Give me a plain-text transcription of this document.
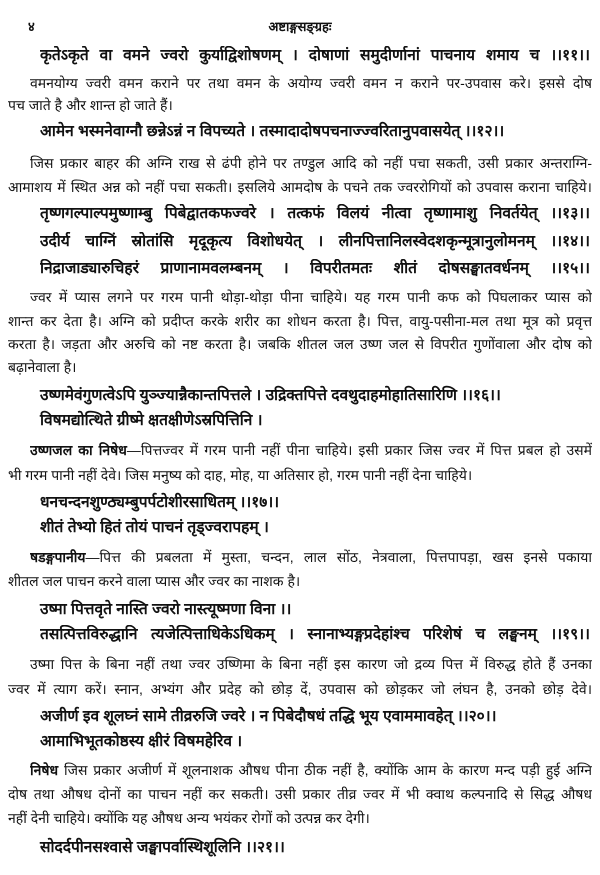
४	अष्टाङ्गसङ्ग्रहः
कृतेऽकृते वा वमने ज्वरो कुर्याद्विशोषणम् । दोषाणां समुदीर्णानां पाचनाय शमाय च ।।११।।
वमनयोग्य ज्वरी वमन कराने पर तथा वमन के अयोग्य ज्वरी वमन न कराने पर-उपवास करे। इससे दोष
पच जाते है और शान्त हो जाते हैं।
आमेन भस्मनेवाग्नौ छन्नेऽन्नं न विपच्यते । तस्मादादोषपचनाज्ज्वरितानुपवासयेत् ।।१२।।
जिस प्रकार बाहर की अग्नि राख से ढंपी होने पर तण्डुल आदि को नहीं पचा सकती, उसी प्रकार अन्तराग्नि-
आमाशय में स्थित अन्न को नहीं पचा सकती। इसलिये आमदोष के पचने तक ज्वररोगियों को उपवास कराना चाहिये।
तृष्णगल्पाल्पमुष्णाम्बु पिबेद्वातकफज्वरे । तत्कफं विलयं नीत्वा तृष्णामाशु निवर्तयेत् ।।१३।।
उदीर्य चाग्निं स्रोतांसि मृदूकृत्य विशोधयेत् । लीनपित्तानिलस्वेदशकृन्मूत्रानुलोमनम् ।।१४।।
निद्राजाड्यारुचिहरं प्राणानामवलम्बनम् । विपरीतमतः शीतं दोषसङ्घातवर्धनम् ।।१५।।
ज्वर में प्यास लगने पर गरम पानी थोड़ा-थोड़ा पीना चाहिये। यह गरम पानी कफ को पिघलाकर प्यास को
शान्त कर देता है। अग्नि को प्रदीप्त करके शरीर का शोधन करता है। पित्त, वायु-पसीना-मल तथा मूत्र को प्रवृत्त
करता है। जड़ता और अरुचि को नष्ट करता है। जबकि शीतल जल उष्ण जल से विपरीत गुणोंवाला और दोष को
बढ़ानेवाला है।
उष्णमेवंगुणत्वेऽपि युञ्ज्यान्नैकान्तपित्तले । उद्रिक्तपित्ते दवथुदाहमोहातिसारिणि ।।१६।।
विषमद्योत्थिते ग्रीष्मे क्षतक्षीणेऽस्रपित्तिनि ।
उष्णजल का निषेध—पित्तज्वर में गरम पानी नहीं पीना चाहिये। इसी प्रकार जिस ज्वर में पित्त प्रबल हो उसमें
भी गरम पानी नहीं देवे। जिस मनुष्य को दाह, मोह, या अतिसार हो, गरम पानी नहीं देना चाहिये।
धनचन्दनशुण्ठ्यम्बुपर्पटोशीरसाधितम् ।।१७।।
शीतं तेभ्यो हितं तोयं पाचनं तृड्ज्वरापहम् ।
षडङ्गपानीय—पित्त की प्रबलता में मुस्ता, चन्दन, लाल सोंठ, नेत्रवाला, पित्तपापड़ा, खस इनसे पकाया
शीतल जल पाचन करने वाला प्यास और ज्वर का नाशक है।
उष्मा पित्तवृते नास्ति ज्वरो नास्त्यूष्मणा विना ।।
तसत्पित्तविरुद्धानि त्यजेत्पित्ताधिकेऽधिकम् । स्नानाभ्यङ्गप्रदेहांश्च परिशेषं च लङ्घनम् ।।१९।।
उष्मा पित्त के बिना नहीं तथा ज्वर उष्णिमा के बिना नहीं इस कारण जो द्रव्य पित्त में विरुद्ध होते हैं उनका
ज्वर में त्याग करें। स्नान, अभ्यंग और प्रदेह को छोड़ दें, उपवास को छोड़कर जो लंघन है, उनको छोड़ देवे।
अजीर्ण इव शूलघ्नं सामे तीव्ररुजि ज्वरे । न पिबेदौषधं तद्धि भूय एवाममावहेत् ।।२०।।
आमाभिभूतकोष्ठस्य क्षीरं विषमहेरिव ।
निषेध जिस प्रकार अजीर्ण में शूलनाशक औषध पीना ठीक नहीं है, क्योंकि आम के कारण मन्द पड़ी हुई अग्नि
दोष तथा औषध दोनों का पाचन नहीं कर सकती। उसी प्रकार तीव्र ज्वर में भी क्वाथ कल्पनादि से सिद्ध औषध
नहीं देनी चाहिये। क्योंकि यह औषध अन्य भयंकर रोगों को उत्पन्न कर देगी।
सोदर्दपीनसश्वासे जङ्घापर्वास्थिशूलिनि ।।२१।।
